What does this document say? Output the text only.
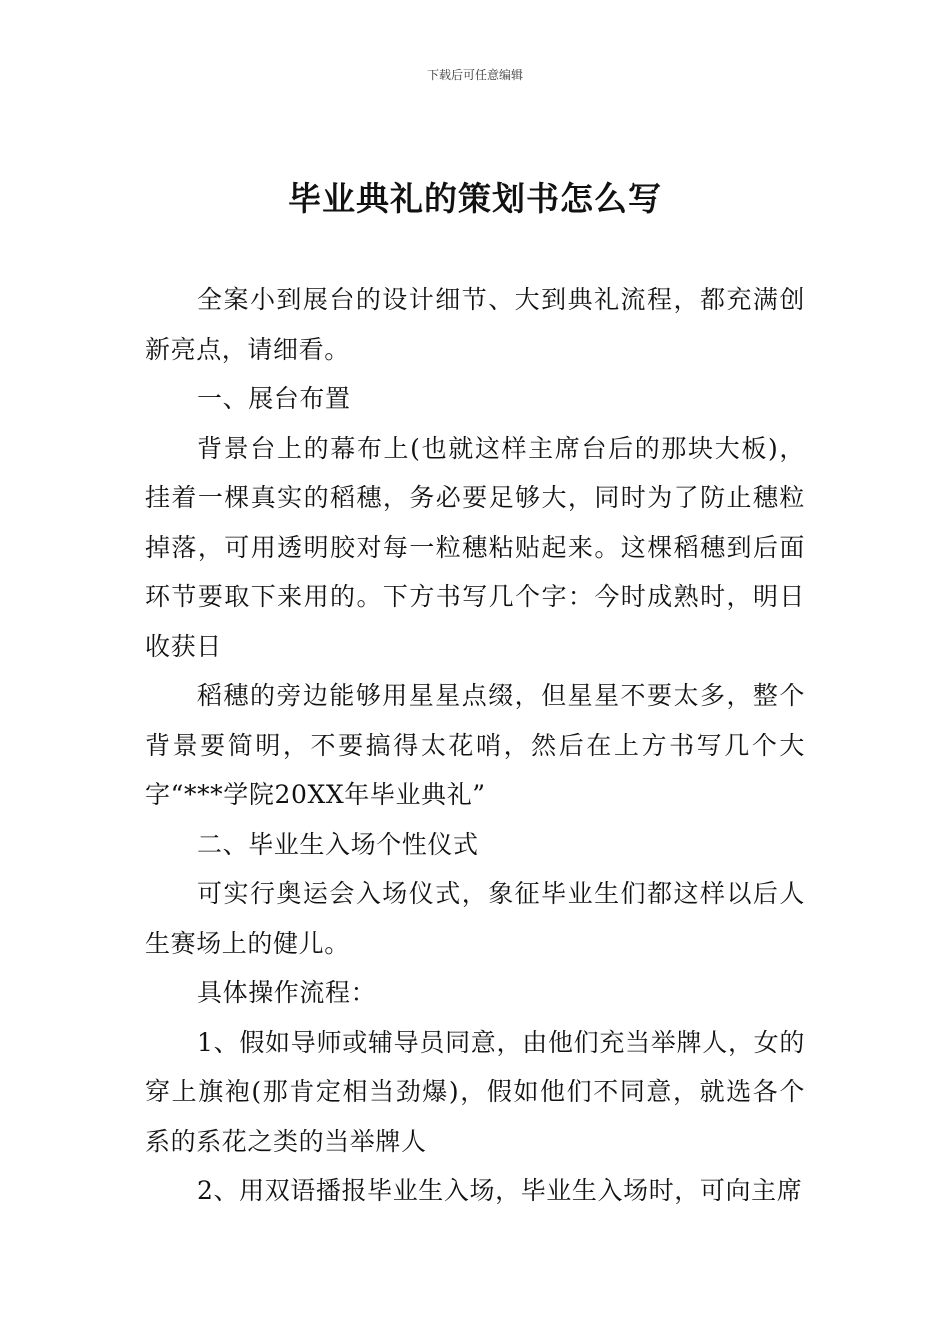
下载后可任意编辑
毕业典礼的策划书怎么写

全案小到展台的设计细节、大到典礼流程，都充满创新亮点，请细看。

一、展台布置

背景台上的幕布上(也就这样主席台后的那块大板)，挂着一棵真实的稻穗，务必要足够大，同时为了防止穗粒掉落，可用透明胶对每一粒穗粘贴起来。这棵稻穗到后面环节要取下来用的。下方书写几个字：今时成熟时，明日收获日

稻穗的旁边能够用星星点缀，但星星不要太多，整个背景要简明，不要搞得太花哨，然后在上方书写几个大字“***学院20XX年毕业典礼”

二、毕业生入场个性仪式

可实行奥运会入场仪式，象征毕业生们都这样以后人生赛场上的健儿。

具体操作流程：

1、假如导师或辅导员同意，由他们充当举牌人，女的穿上旗袍(那肯定相当劲爆)，假如他们不同意，就选各个系的系花之类的当举牌人

2、用双语播报毕业生入场，毕业生入场时，可向主席
